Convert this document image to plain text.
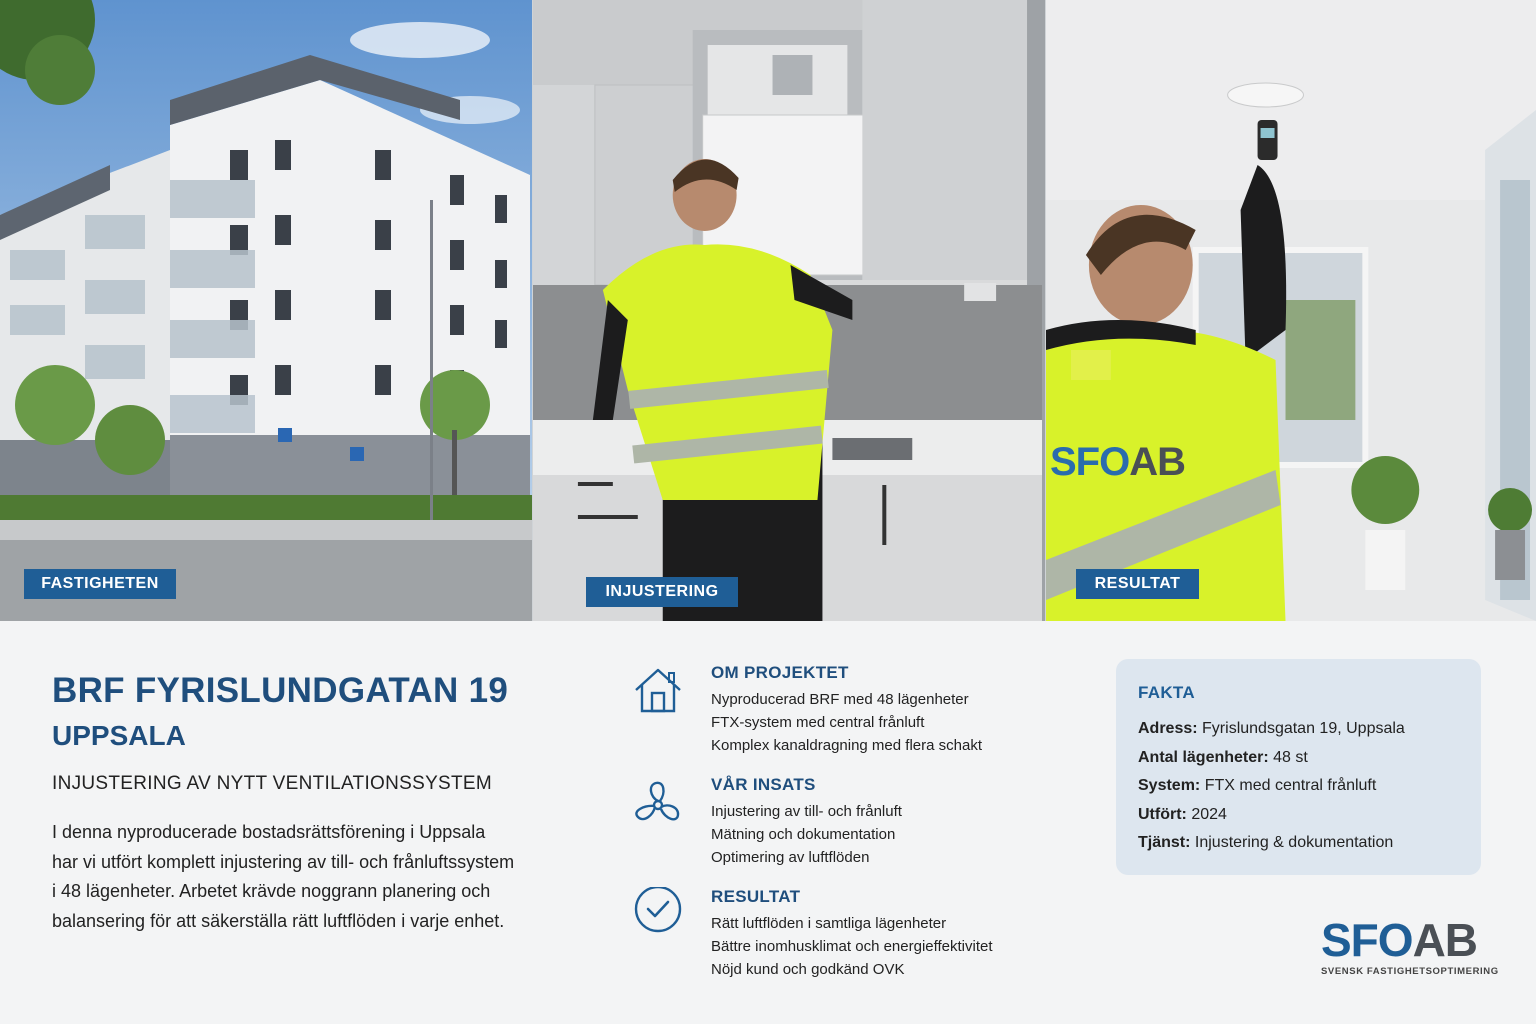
FASTIGHETEN	INJUSTERING
SFOAB
RESULTAT
BRF FYRISLUNDGATAN 19
UPPSALA
INJUSTERING AV NYTT VENTILATIONSSYSTEM
I denna nyproducerade bostadsrättsförening i Uppsala
har vi utfört komplett injustering av till- och frånluftssystem
i 48 lägenheter. Arbetet krävde noggrann planering och
balansering för att säkerställa rätt luftflöden i varje enhet.
OM PROJEKTET
Nyproducerad BRF med 48 lägenheter
FTX-system med central frånluft
Komplex kanaldragning med flera schakt
VÅR INSATS
Injustering av till- och frånluft
Mätning och dokumentation
Optimering av luftflöden
RESULTAT
Rätt luftflöden i samtliga lägenheter
Bättre inomhusklimat och energieffektivitet
Nöjd kund och godkänd OVK
FAKTA
Adress: Fyrislundsgatan 19, Uppsala
Antal lägenheter: 48 st
System: FTX med central frånluft
Utfört: 2024
Tjänst: Injustering & dokumentation
SFOAB
SVENSK FASTIGHETSOPTIMERING
